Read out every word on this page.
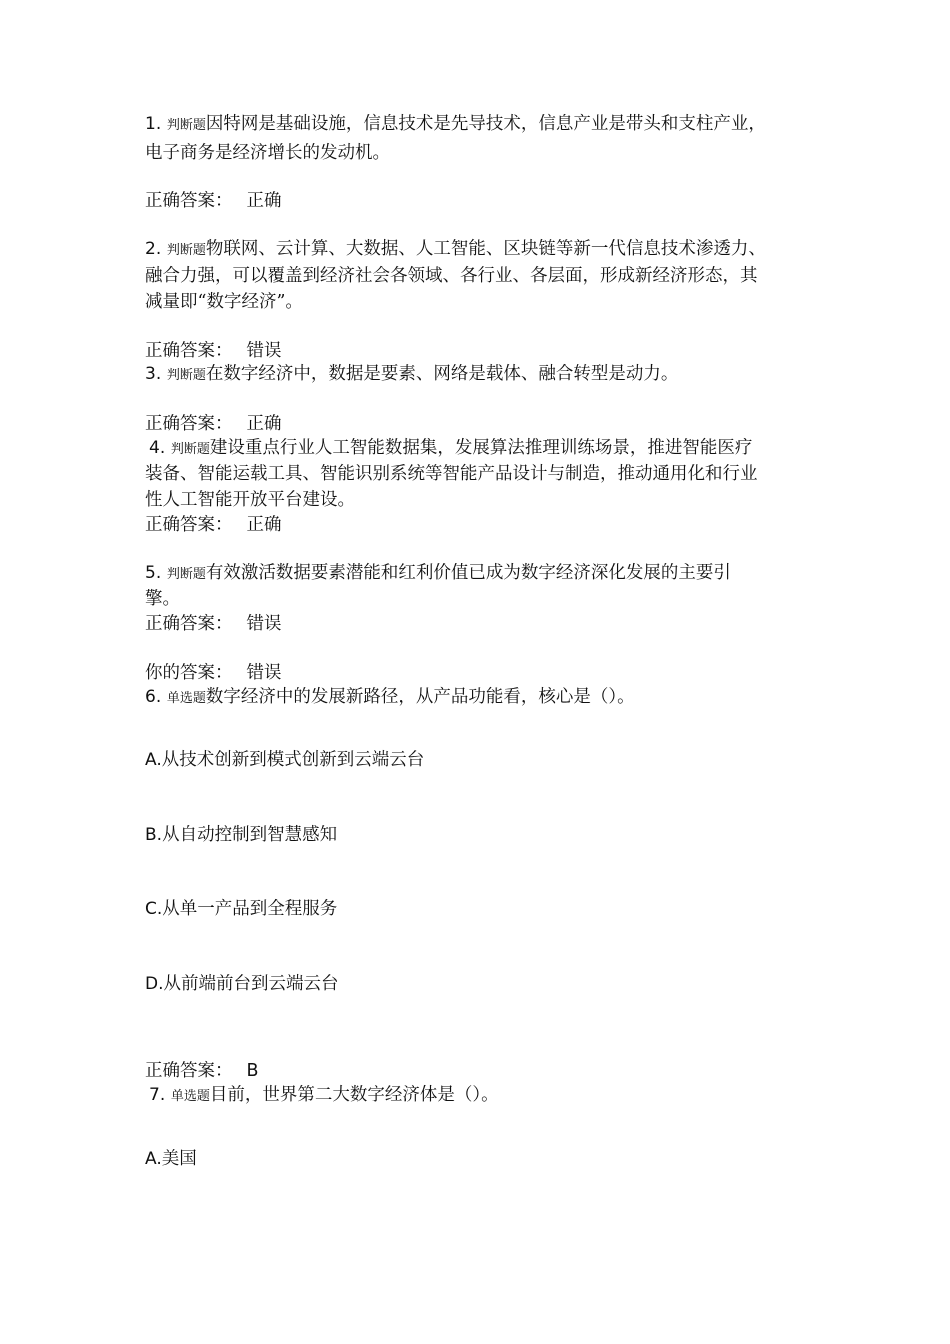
1. 判断题因特网是基础设施，信息技术是先导技术，信息产业是带头和支柱产业，
电子商务是经济增长的发动机。
正确答案： 正确
2. 判断题物联网、云计算、大数据、人工智能、区块链等新一代信息技术渗透力、
融合力强，可以覆盖到经济社会各领域、各行业、各层面，形成新经济形态，其
减量即“数字经济”。
正确答案： 错误
3. 判断题在数字经济中，数据是要素、网络是载体、融合转型是动力。
正确答案： 正确
4. 判断题建设重点行业人工智能数据集，发展算法推理训练场景，推进智能医疗
装备、智能运载工具、智能识别系统等智能产品设计与制造，推动通用化和行业
性人工智能开放平台建设。
正确答案： 正确
5. 判断题有效激活数据要素潜能和红利价值已成为数字经济深化发展的主要引
擎。
正确答案： 错误
你的答案： 错误
6. 单选题数字经济中的发展新路径，从产品功能看，核心是（）。
A.从技术创新到模式创新到云端云台
B.从自动控制到智慧感知
C.从单一产品到全程服务
D.从前端前台到云端云台
正确答案： B
7. 单选题目前，世界第二大数字经济体是（）。
A.美国
